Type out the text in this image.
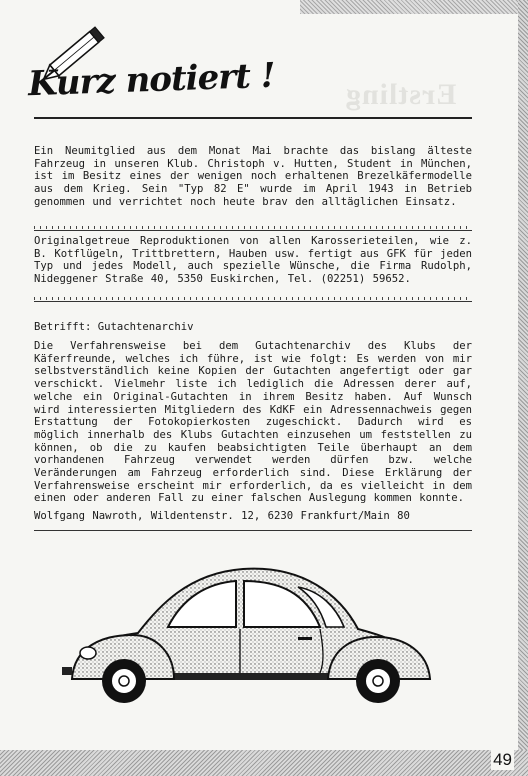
Erstling
Kurz notiert !

Ein Neumitglied aus dem Monat Mai brachte das bislang älteste Fahrzeug in unseren Klub. Christoph v. Hutten, Student in München, ist im Besitz eines der wenigen noch erhaltenen Brezelkäfermodelle aus dem Krieg. Sein "Typ 82 E" wurde im April 1943 in Betrieb genommen und verrichtet noch heute brav den alltäglichen Einsatz.

Originalgetreue Reproduktionen von allen Karosserieteilen, wie z. B. Kotflügeln, Trittbrettern, Hauben usw. fertigt aus GFK für jeden Typ und jedes Modell, auch spezielle Wünsche, die Firma Rudolph, Nideggener Straße 40, 5350 Euskirchen, Tel. (02251) 59652.

Betrifft: Gutachtenarchiv

Die Verfahrensweise bei dem Gutachtenarchiv des Klubs der Käferfreunde, welches ich führe, ist wie folgt: Es werden von mir selbstverständlich keine Kopien der Gutachten angefertigt oder gar verschickt. Vielmehr liste ich lediglich die Adressen derer auf, welche ein Original-Gutachten in ihrem Besitz haben. Auf Wunsch wird interessierten Mitgliedern des KdKF ein Adressennachweis gegen Erstattung der Fotokopierkosten zugeschickt. Dadurch wird es möglich innerhalb des Klubs Gutachten einzusehen um feststellen zu können, ob die zu kaufen beabsichtigten Teile überhaupt an dem vorhandenen Fahrzeug verwendet werden dürfen bzw. welche Veränderungen am Fahrzeug erforderlich sind. Diese Erklärung der Verfahrensweise erscheint mir erforderlich, da es vielleicht in dem einen oder anderen Fall zu einer falschen Auslegung kommen konnte.

Wolfgang Nawroth, Wildentenstr. 12, 6230 Frankfurt/Main 80
49
